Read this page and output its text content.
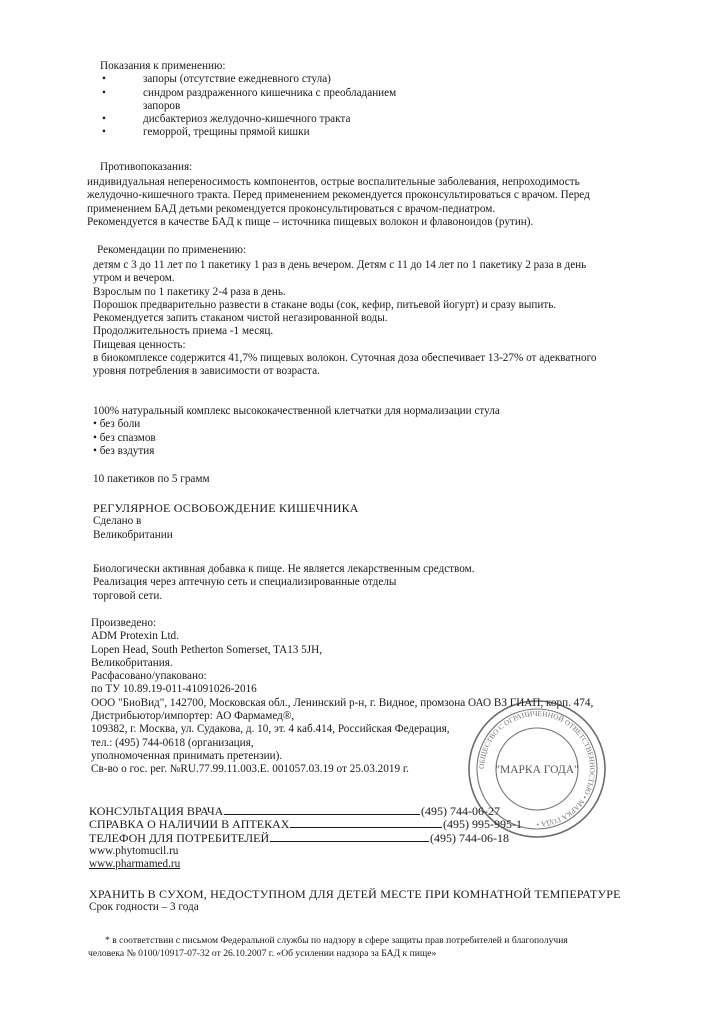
Показания к применению:
•	запоры (отсутствие ежедневного стула)
•	синдром раздраженного кишечника с преобладанием
запоров
•	дисбактериоз желудочно-кишечного тракта
•	геморрой, трещины прямой кишки
Противопоказания:
индивидуальная непереносимость компонентов, острые воспалительные заболевания, непроходимость
желудочно-кишечного тракта. Перед применением рекомендуется проконсультироваться с врачом. Перед
применением БАД детьми рекомендуется проконсультироваться с врачом-педиатром.
Рекомендуется в качестве БАД к пище – источника пищевых волокон и флавоноидов (рутин).
Рекомендации по применению:
детям с 3 до 11 лет по 1 пакетику 1 раз в день вечером. Детям с 11 до 14 лет по 1 пакетику 2 раза в день
утром и вечером.
Взрослым по 1 пакетику 2-4 раза в день.
Порошок предварительно развести в стакане воды (сок, кефир, питьевой йогурт) и сразу выпить.
Рекомендуется запить стаканом чистой негазированной воды.
Продолжительность приема -1 месяц.
Пищевая ценность:
в биокомплексе содержится 41,7% пищевых волокон. Суточная доза обеспечивает 13-27% от адекватного
уровня потребления в зависимости от возраста.
100% натуральный комплекс высококачественной клетчатки для нормализации стула
• без боли
• без спазмов
• без вздутия
10 пакетиков по 5 грамм
РЕГУЛЯРНОЕ ОСВОБОЖДЕНИЕ КИШЕЧНИКА
Сделано в
Великобритании
Биологически активная добавка к пище. Не является лекарственным средством.
Реализация через аптечную сеть и специализированные отделы
торговой сети.
Произведено:
ADM Protexin Ltd.
Lopen Head, South Petherton Somerset, TA13 5JH,
Великобритания.
Расфасовано/упаковано:
по ТУ 10.89.19-011-41091026-2016
ООО "БиоВид", 142700, Московская обл., Ленинский р-н, г. Видное, промзона ОАО ВЗ ГИАП, корп. 474,
Дистрибьютор/импортер: АО Фармамед®,
109382, г. Москва, ул. Судакова, д. 10, эт. 4 каб.414, Российская Федерация,
тел.: (495) 744-0618 (организация,
уполномоченная принимать претензии).
Св-во о гос. рег. №RU.77.99.11.003.E. 001057.03.19 от 25.03.2019 г.
КОНСУЛЬТАЦИЯ ВРАЧА	(495) 744-06-27
СПРАВКА О НАЛИЧИИ В АПТЕКАХ	(495) 995-995-1
ТЕЛЕФОН ДЛЯ ПОТРЕБИТЕЛЕЙ	(495) 744-06-18
www.phytomucil.ru
www.pharmamed.ru
ХРАНИТЬ В СУХОМ, НЕДОСТУПНОМ ДЛЯ ДЕТЕЙ МЕСТЕ ПРИ КОМНАТНОЙ ТЕМПЕРАТУРЕ
Срок годности – 3 года
* в соответствии с письмом Федеральной службы по надзору в сфере защиты прав потребителей и благополучия
человека № 0100/10917-07-32 от 26.10.2007 г. «Об усилении надзора за БАД к пище»
ОБЩЕСТВО С ОГРАНИЧЕННОЙ ОТВЕТСТВЕННОСТЬЮ • МАРКА ГОДА •
"МАРКА ГОДА"
